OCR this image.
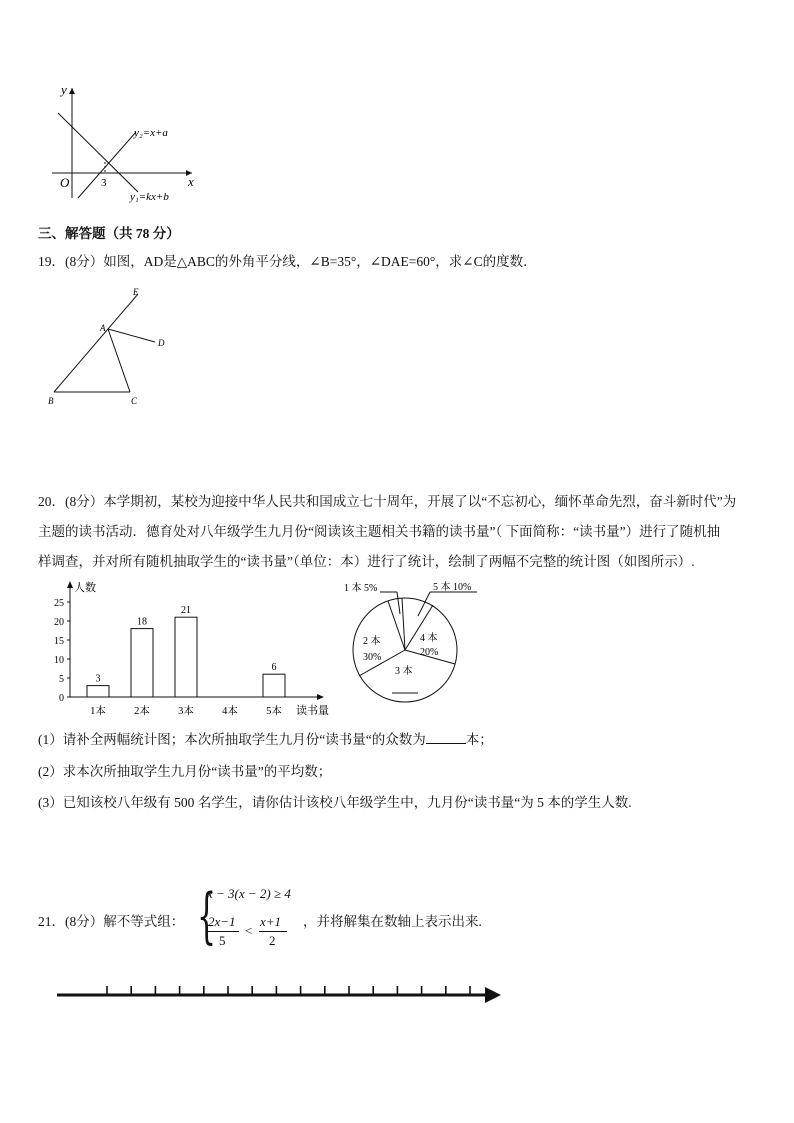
y
x
O	3
y₂=x+a
y₁=kx+b
三、解答题（共 78 分）
19．(8分）如图，AD是△ABC的外角平分线，∠B=35°，∠DAE=60°，求∠C的度数．
E
A
D
B	C
20．(8分）本学期初，某校为迎接中华人民共和国成立七十周年，开展了以“不忘初心，缅怀革命先烈，奋斗新时代”为
主题的读书活动．德育处对八年级学生九月份“阅读该主题相关书籍的读书量”（ 下面简称：“读书量”）进行了随机抽
样调查，并对所有随机抽取学生的“读书量”（单位：本）进行了统计，绘制了两幅不完整的统计图（如图所示）.
人数
读书量
0
5
10
15
20
25
1本
3
2本
18
3本
21
4本	5本
6
1 本 5%	5 本 10%
2 本
30%
4 本
20%
3 本
(1）请补全两幅统计图；本次所抽取学生九月份“读书量“的众数为	本；
(2）求本次所抽取学生九月份“读书量”的平均数；
(3）已知该校八年级有 500 名学生，请你估计该校八年级学生中，九月份“读书量“为 5 本的学生人数.
21．(8分）解不等式组： {
x − 3(x − 2) ≥ 4
2x−1
5
<
x+1
2
，并将解集在数轴上表示出来.
